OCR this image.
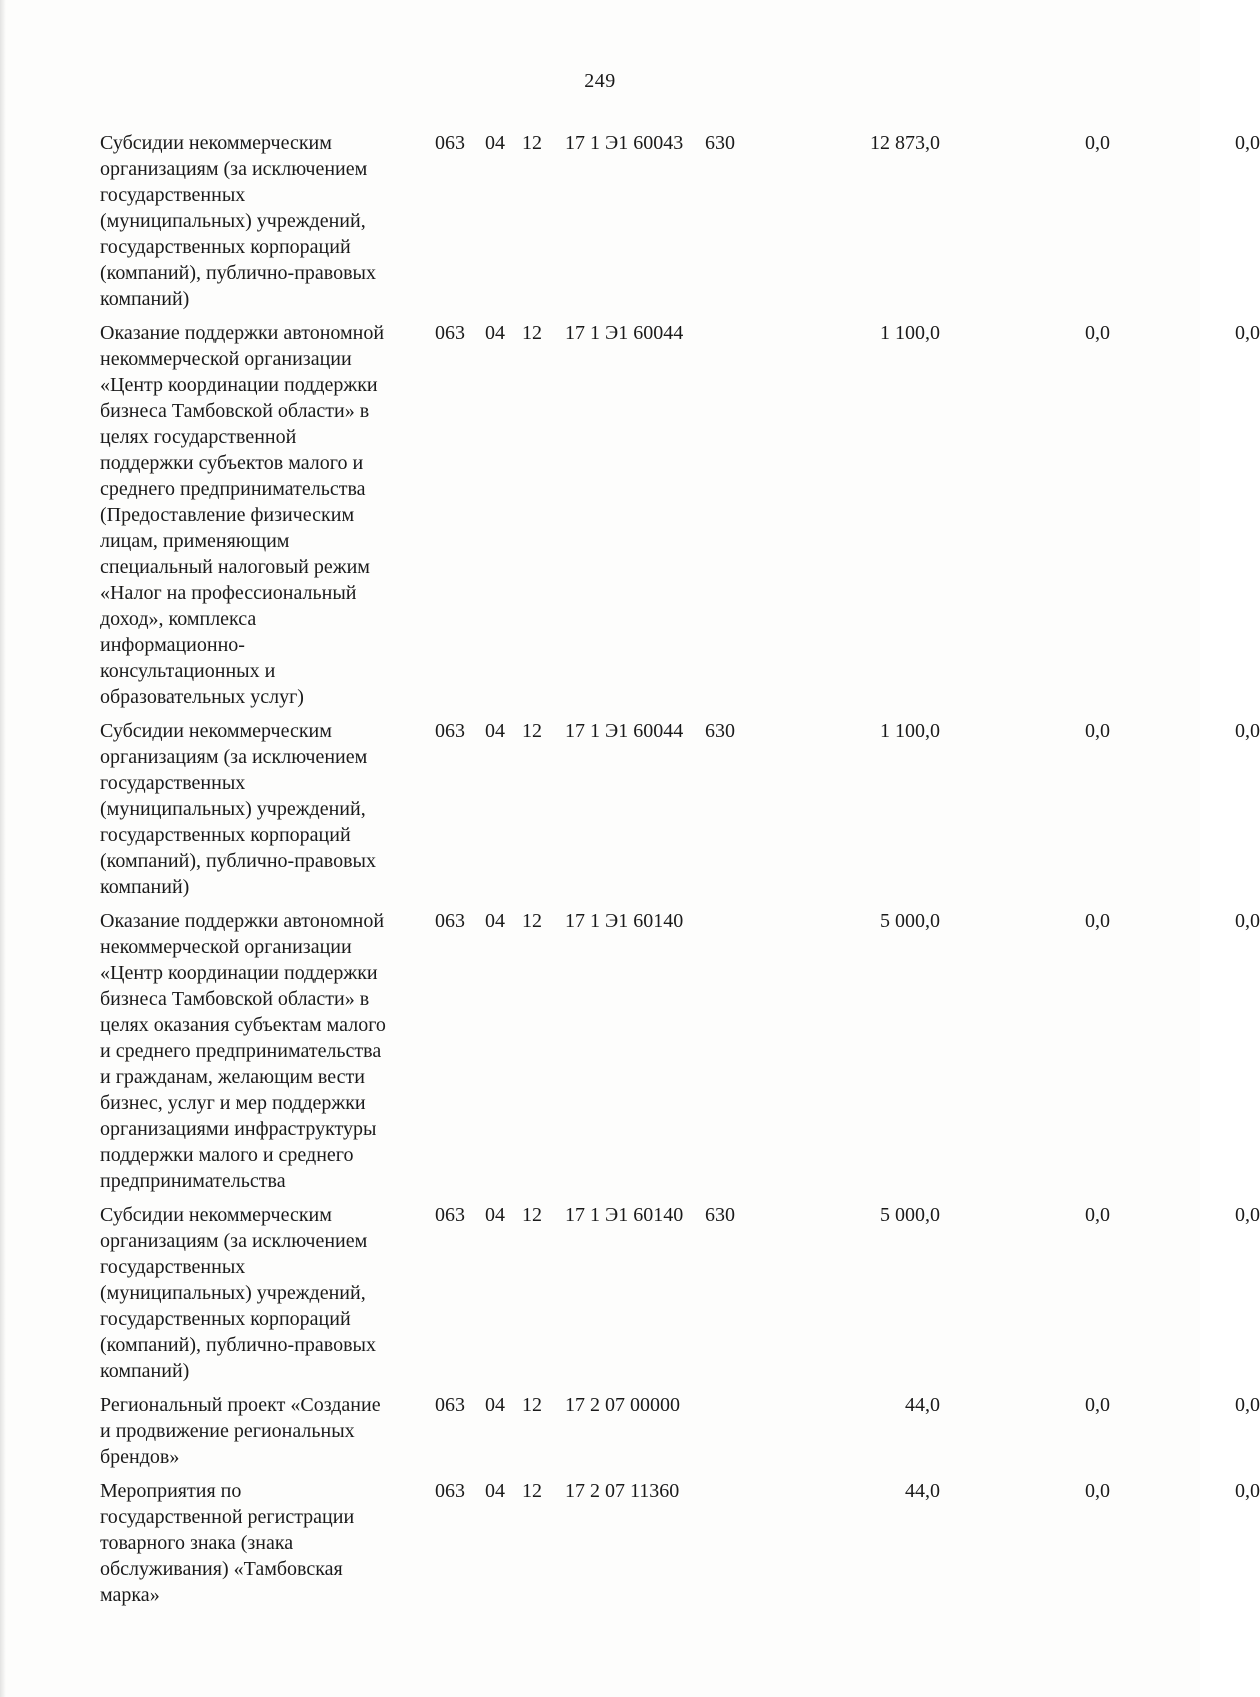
249
Субсидии некоммерческим
организациям (за исключением
государственных
(муниципальных) учреждений,
государственных корпораций
(компаний), публично-правовых
компаний)
063 04 12 17 1 Э1 60043 630	12 873,0	0,0	0,0
Оказание поддержки автономной
некоммерческой организации
«Центр координации поддержки
бизнеса Тамбовской области» в
целях государственной
поддержки субъектов малого и
среднего предпринимательства
(Предоставление физическим
лицам, применяющим
специальный налоговый режим
«Налог на профессиональный
доход», комплекса
информационно-
консультационных и
образовательных услуг)
063 04 12 17 1 Э1 60044	1 100,0	0,0	0,0
Субсидии некоммерческим
организациям (за исключением
государственных
(муниципальных) учреждений,
государственных корпораций
(компаний), публично-правовых
компаний)
063 04 12 17 1 Э1 60044 630	1 100,0	0,0	0,0
Оказание поддержки автономной
некоммерческой организации
«Центр координации поддержки
бизнеса Тамбовской области» в
целях оказания субъектам малого
и среднего предпринимательства
и гражданам, желающим вести
бизнес, услуг и мер поддержки
организациями инфраструктуры
поддержки малого и среднего
предпринимательства
063 04 12 17 1 Э1 60140	5 000,0	0,0	0,0
Субсидии некоммерческим
организациям (за исключением
государственных
(муниципальных) учреждений,
государственных корпораций
(компаний), публично-правовых
компаний)
063 04 12 17 1 Э1 60140 630	5 000,0	0,0	0,0
Региональный проект «Создание
и продвижение региональных
брендов»
063 04 12 17 2 07 00000	44,0	0,0	0,0
Мероприятия по
государственной регистрации
товарного знака (знака
обслуживания) «Тамбовская
марка»
063 04 12 17 2 07 11360	44,0	0,0	0,0
